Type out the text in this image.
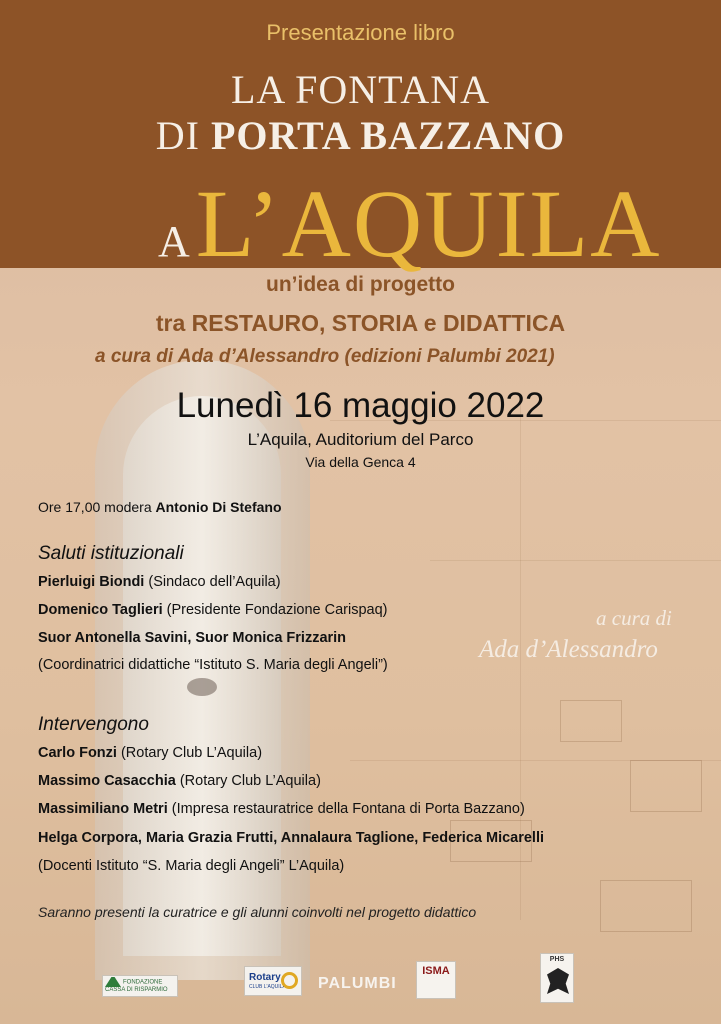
Presentazione libro
LA FONTANA
DI PORTA BAZZANO
AL’AQUILA
un’idea di progetto
tra RESTAURO, STORIA e DIDATTICA
a cura di Ada d’Alessandro (edizioni Palumbi 2021)
Lunedì 16 maggio 2022
L’Aquila, Auditorium del Parco
Via della Genca 4
Ore 17,00 modera Antonio Di Stefano
Saluti istituzionali
Pierluigi Biondi (Sindaco dell’Aquila)
Domenico Taglieri (Presidente Fondazione Carispaq)
Suor Antonella Savini, Suor Monica Frizzarin
(Coordinatrici didattiche “Istituto S. Maria degli Angeli”)
a cura di
Ada d’Alessandro
Intervengono
Carlo Fonzi (Rotary Club L’Aquila)
Massimo Casacchia (Rotary Club L’Aquila)
Massimiliano Metri (Impresa restauratrice della Fontana di Porta Bazzano)
Helga Corpora, Maria Grazia Frutti, Annalaura Taglione, Federica Micarelli
(Docenti Istituto “S. Maria degli Angeli” L’Aquila)
Saranno presenti la curatrice e gli alunni coinvolti nel progetto didattico
FONDAZIONE CASSA DI RISPARMIO
Rotary
CLUB L'AQUILA PALUMBI
ISMA
PHS
